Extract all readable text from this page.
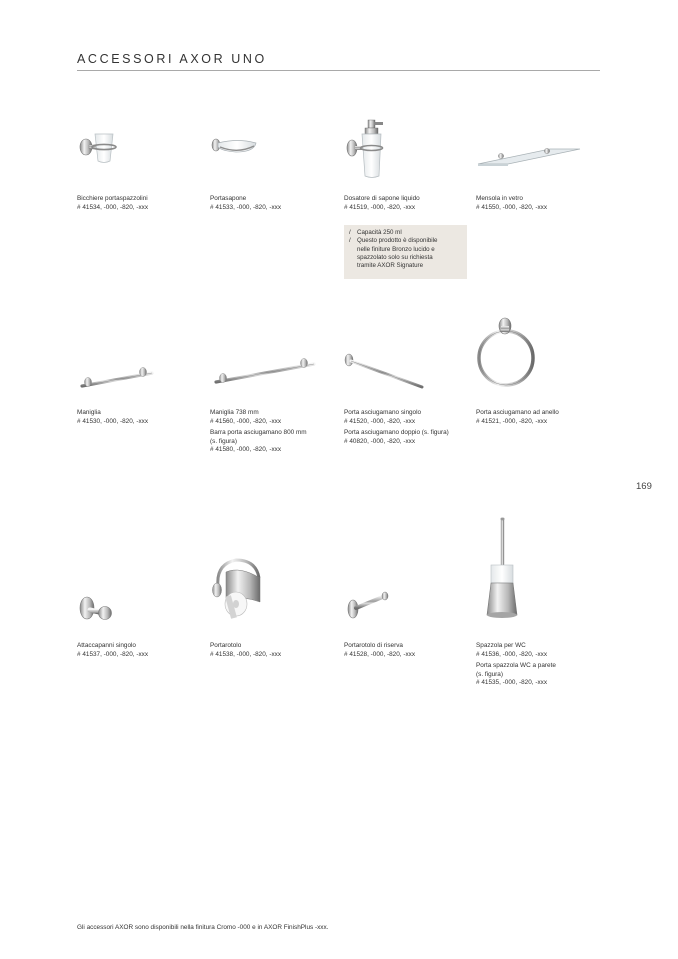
ACCESSORI AXOR UNO
169
Bicchiere portaspazzolini
# 41534, -000, -820, -xxx
Portasapone
# 41533, -000, -820, -xxx
Dosatore di sapone liquido
# 41519, -000, -820, -xxx
/	Capacità 250 ml
/	Questo prodotto è disponibile
nelle finiture Bronzo lucido e
spazzolato solo su richiesta
tramite AXOR Signature
Mensola in vetro
# 41550, -000, -820, -xxx
Maniglia
# 41530, -000, -820, -xxx
Maniglia 738 mm
# 41560, -000, -820, -xxx
Barra porta asciugamano 800 mm
(s. figura)
# 41580, -000, -820, -xxx
Porta asciugamano singolo
# 41520, -000, -820, -xxx
Porta asciugamano doppio (s. figura)
# 40820, -000, -820, -xxx
Porta asciugamano ad anello
# 41521, -000, -820, -xxx
Attaccapanni singolo
# 41537, -000, -820, -xxx
Portarotolo
# 41538, -000, -820, -xxx
Portarotolo di riserva
# 41528, -000, -820, -xxx
Spazzola per WC
# 41536, -000, -820, -xxx
Porta spazzola WC a parete
(s. figura)
# 41535, -000, -820, -xxx
Gli accessori AXOR sono disponibili nella finitura Cromo -000 e in AXOR FinishPlus -xxx.
